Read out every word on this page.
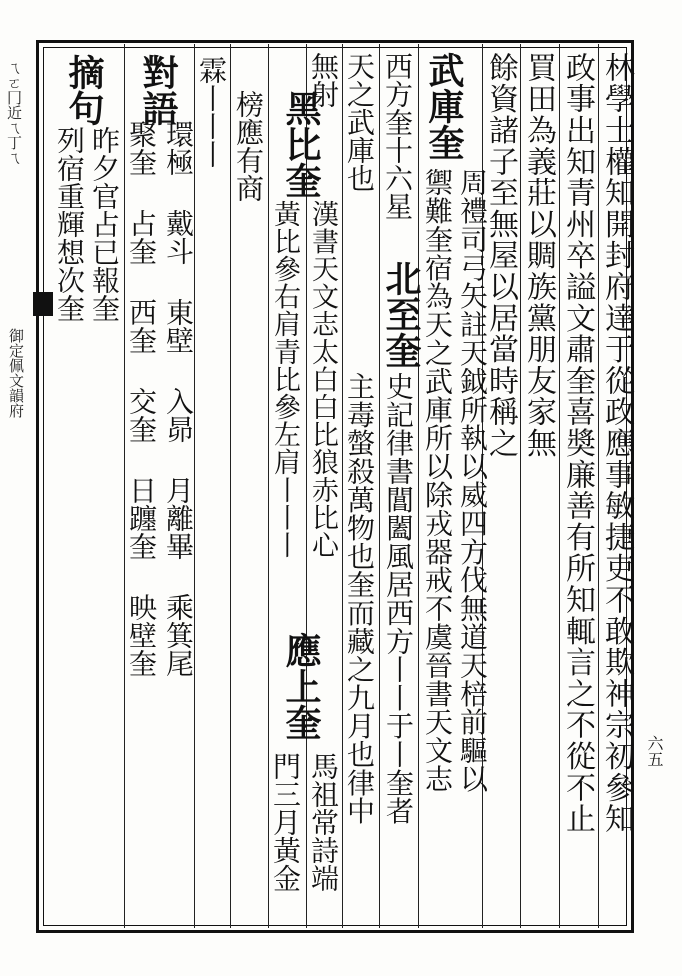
ㄟㄛ冂近ㄟ丁ㄟ
御定佩文韻府
六五
林學士權知開封府達于從政應事敏捷吏不敢欺神宗初參知
政事出知青州卒謚文肅奎喜奬廉善有所知輒言之不從不止
買田為義莊以賙族黨朋友家無
餘資諸子至無屋以居當時稱之
武庫奎
周禮司弓矢註天鉞所執以威四方伐無道天棓前驅以
禦難奎宿為天之武庫所以除戎器戒不虞晉書天文志
西方奎十六星
北至奎
史記律書閶闔風居西方丨丨于丨奎者
天之武庫也
主毒螫殺萬物也奎而藏之九月也律中
無射
黑比奎
漢書天文志太白白比狼赤比心
應上奎
馬祖常詩端
黃比參右肩青比參左肩丨丨丨
門三月黃金
榜應有商
霖丨丨丨
對語
環極 戴斗 東壁 入昴 月離畢 乘箕尾
聚奎 占奎 西奎 交奎 日躔奎 映壁奎
摘句
昨夕官占已報奎
列宿重輝想次奎
